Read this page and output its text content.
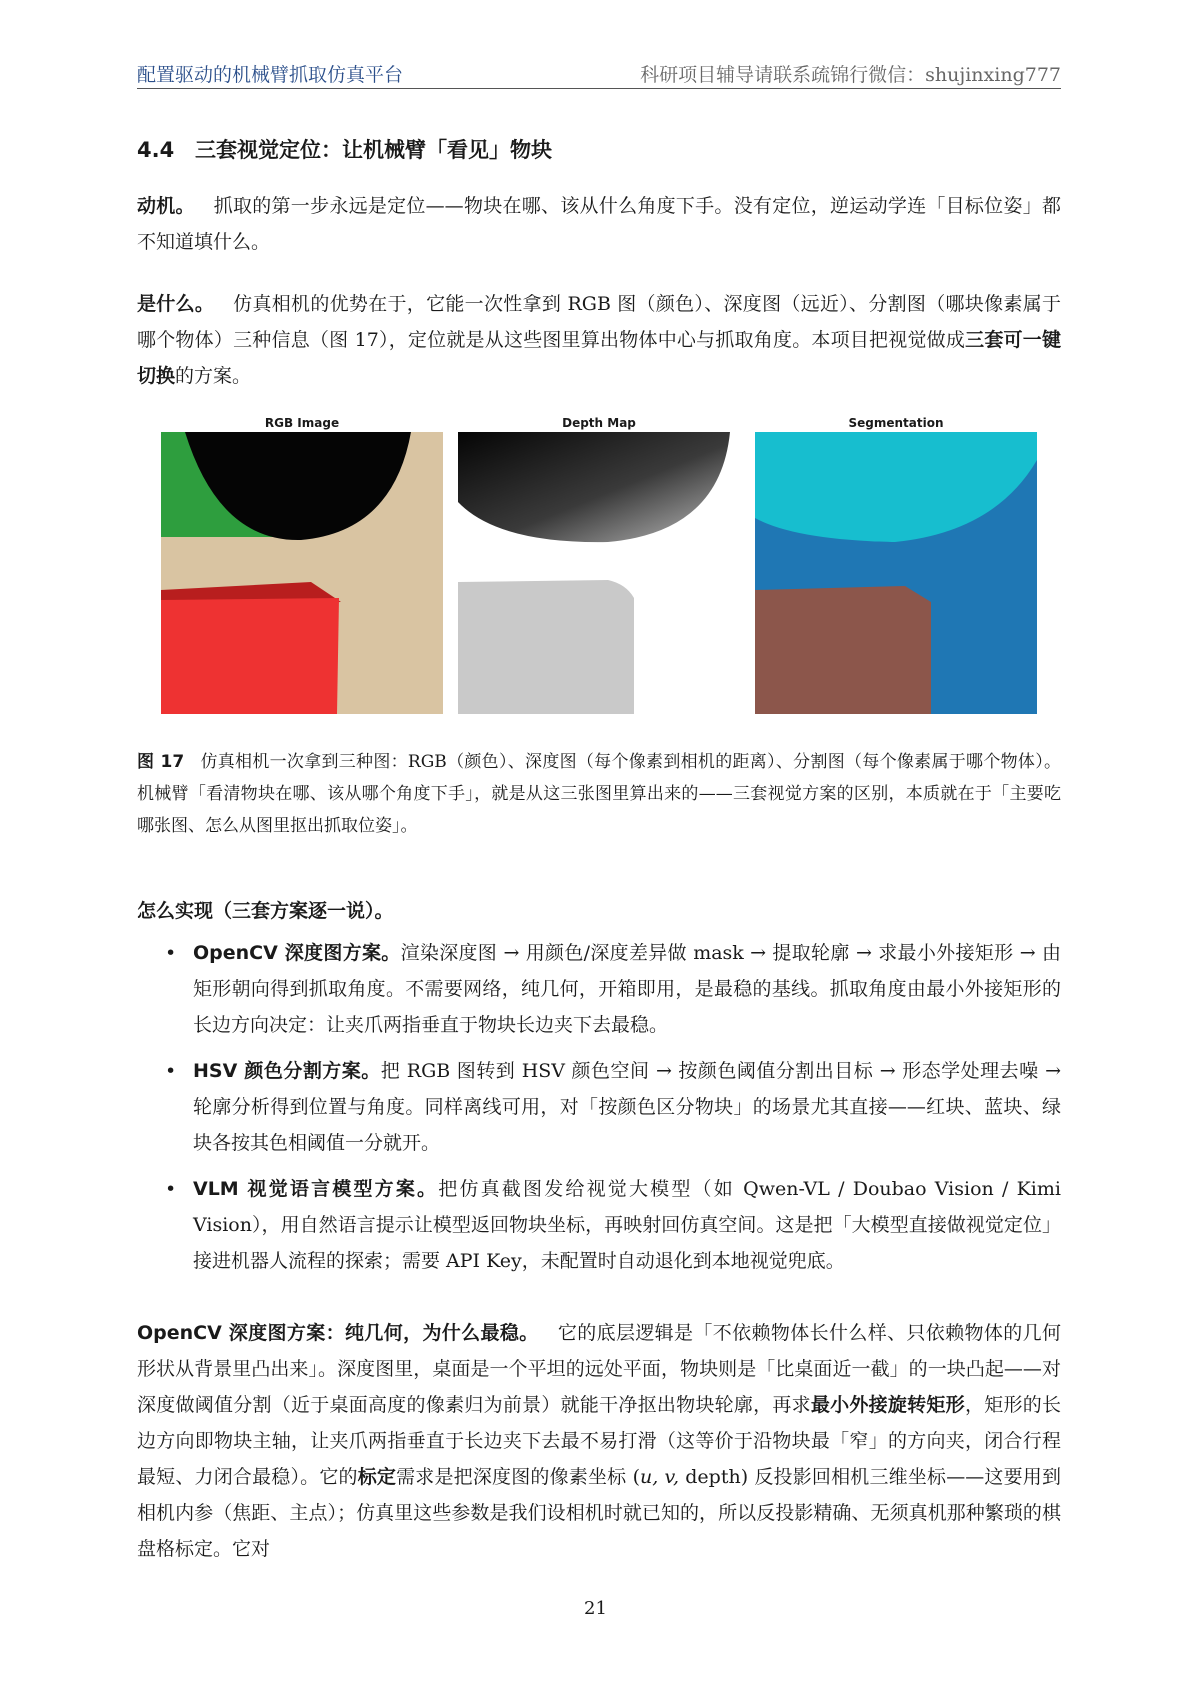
配置驱动的机械臂抓取仿真平台	科研项目辅导请联系疏锦行微信：shujinxing777
4.4 三套视觉定位：让机械臂「看见」物块

动机。 抓取的第一步永远是定位——物块在哪、该从什么角度下手。没有定位，逆运动学连「目标位姿」都不知道填什么。

是什么。 仿真相机的优势在于，它能一次性拿到 RGB 图（颜色）、深度图（远近）、分割图（哪块像素属于哪个物体）三种信息（图 17），定位就是从这些图里算出物体中心与抓取角度。本项目把视觉做成三套可一键切换的方案。

RGB Image	Depth Map	Segmentation

图 17 仿真相机一次拿到三种图：RGB（颜色）、深度图（每个像素到相机的距离）、分割图（每个像素属于哪个物体）。机械臂「看清物块在哪、该从哪个角度下手」，就是从这三张图里算出来的——三套视觉方案的区别，本质就在于「主要吃哪张图、怎么从图里抠出抓取位姿」。

怎么实现（三套方案逐一说）。

• OpenCV 深度图方案。渲染深度图 → 用颜色/深度差异做 mask → 提取轮廓 → 求最小外接矩形 → 由矩形朝向得到抓取角度。不需要网络，纯几何，开箱即用，是最稳的基线。抓取角度由最小外接矩形的长边方向决定：让夹爪两指垂直于物块长边夹下去最稳。
• HSV 颜色分割方案。把 RGB 图转到 HSV 颜色空间 → 按颜色阈值分割出目标 → 形态学处理去噪 → 轮廓分析得到位置与角度。同样离线可用，对「按颜色区分物块」的场景尤其直接——红块、蓝块、绿块各按其色相阈值一分就开。
• VLM 视觉语言模型方案。把仿真截图发给视觉大模型（如 Qwen-VL / Doubao Vision / Kimi Vision），用自然语言提示让模型返回物块坐标，再映射回仿真空间。这是把「大模型直接做视觉定位」接进机器人流程的探索；需要 API Key，未配置时自动退化到本地视觉兜底。

OpenCV 深度图方案：纯几何，为什么最稳。 它的底层逻辑是「不依赖物体长什么样、只依赖物体的几何形状从背景里凸出来」。深度图里，桌面是一个平坦的远处平面，物块则是「比桌面近一截」的一块凸起——对深度做阈值分割（近于桌面高度的像素归为前景）就能干净抠出物块轮廓，再求最小外接旋转矩形，矩形的长边方向即物块主轴，让夹爪两指垂直于长边夹下去最不易打滑（这等价于沿物块最「窄」的方向夹，闭合行程最短、力闭合最稳）。它的标定需求是把深度图的像素坐标 (u, v, depth) 反投影回相机三维坐标——这要用到相机内参（焦距、主点）；仿真里这些参数是我们设相机时就已知的，所以反投影精确、无须真机那种繁琐的棋盘格标定。它对

21
